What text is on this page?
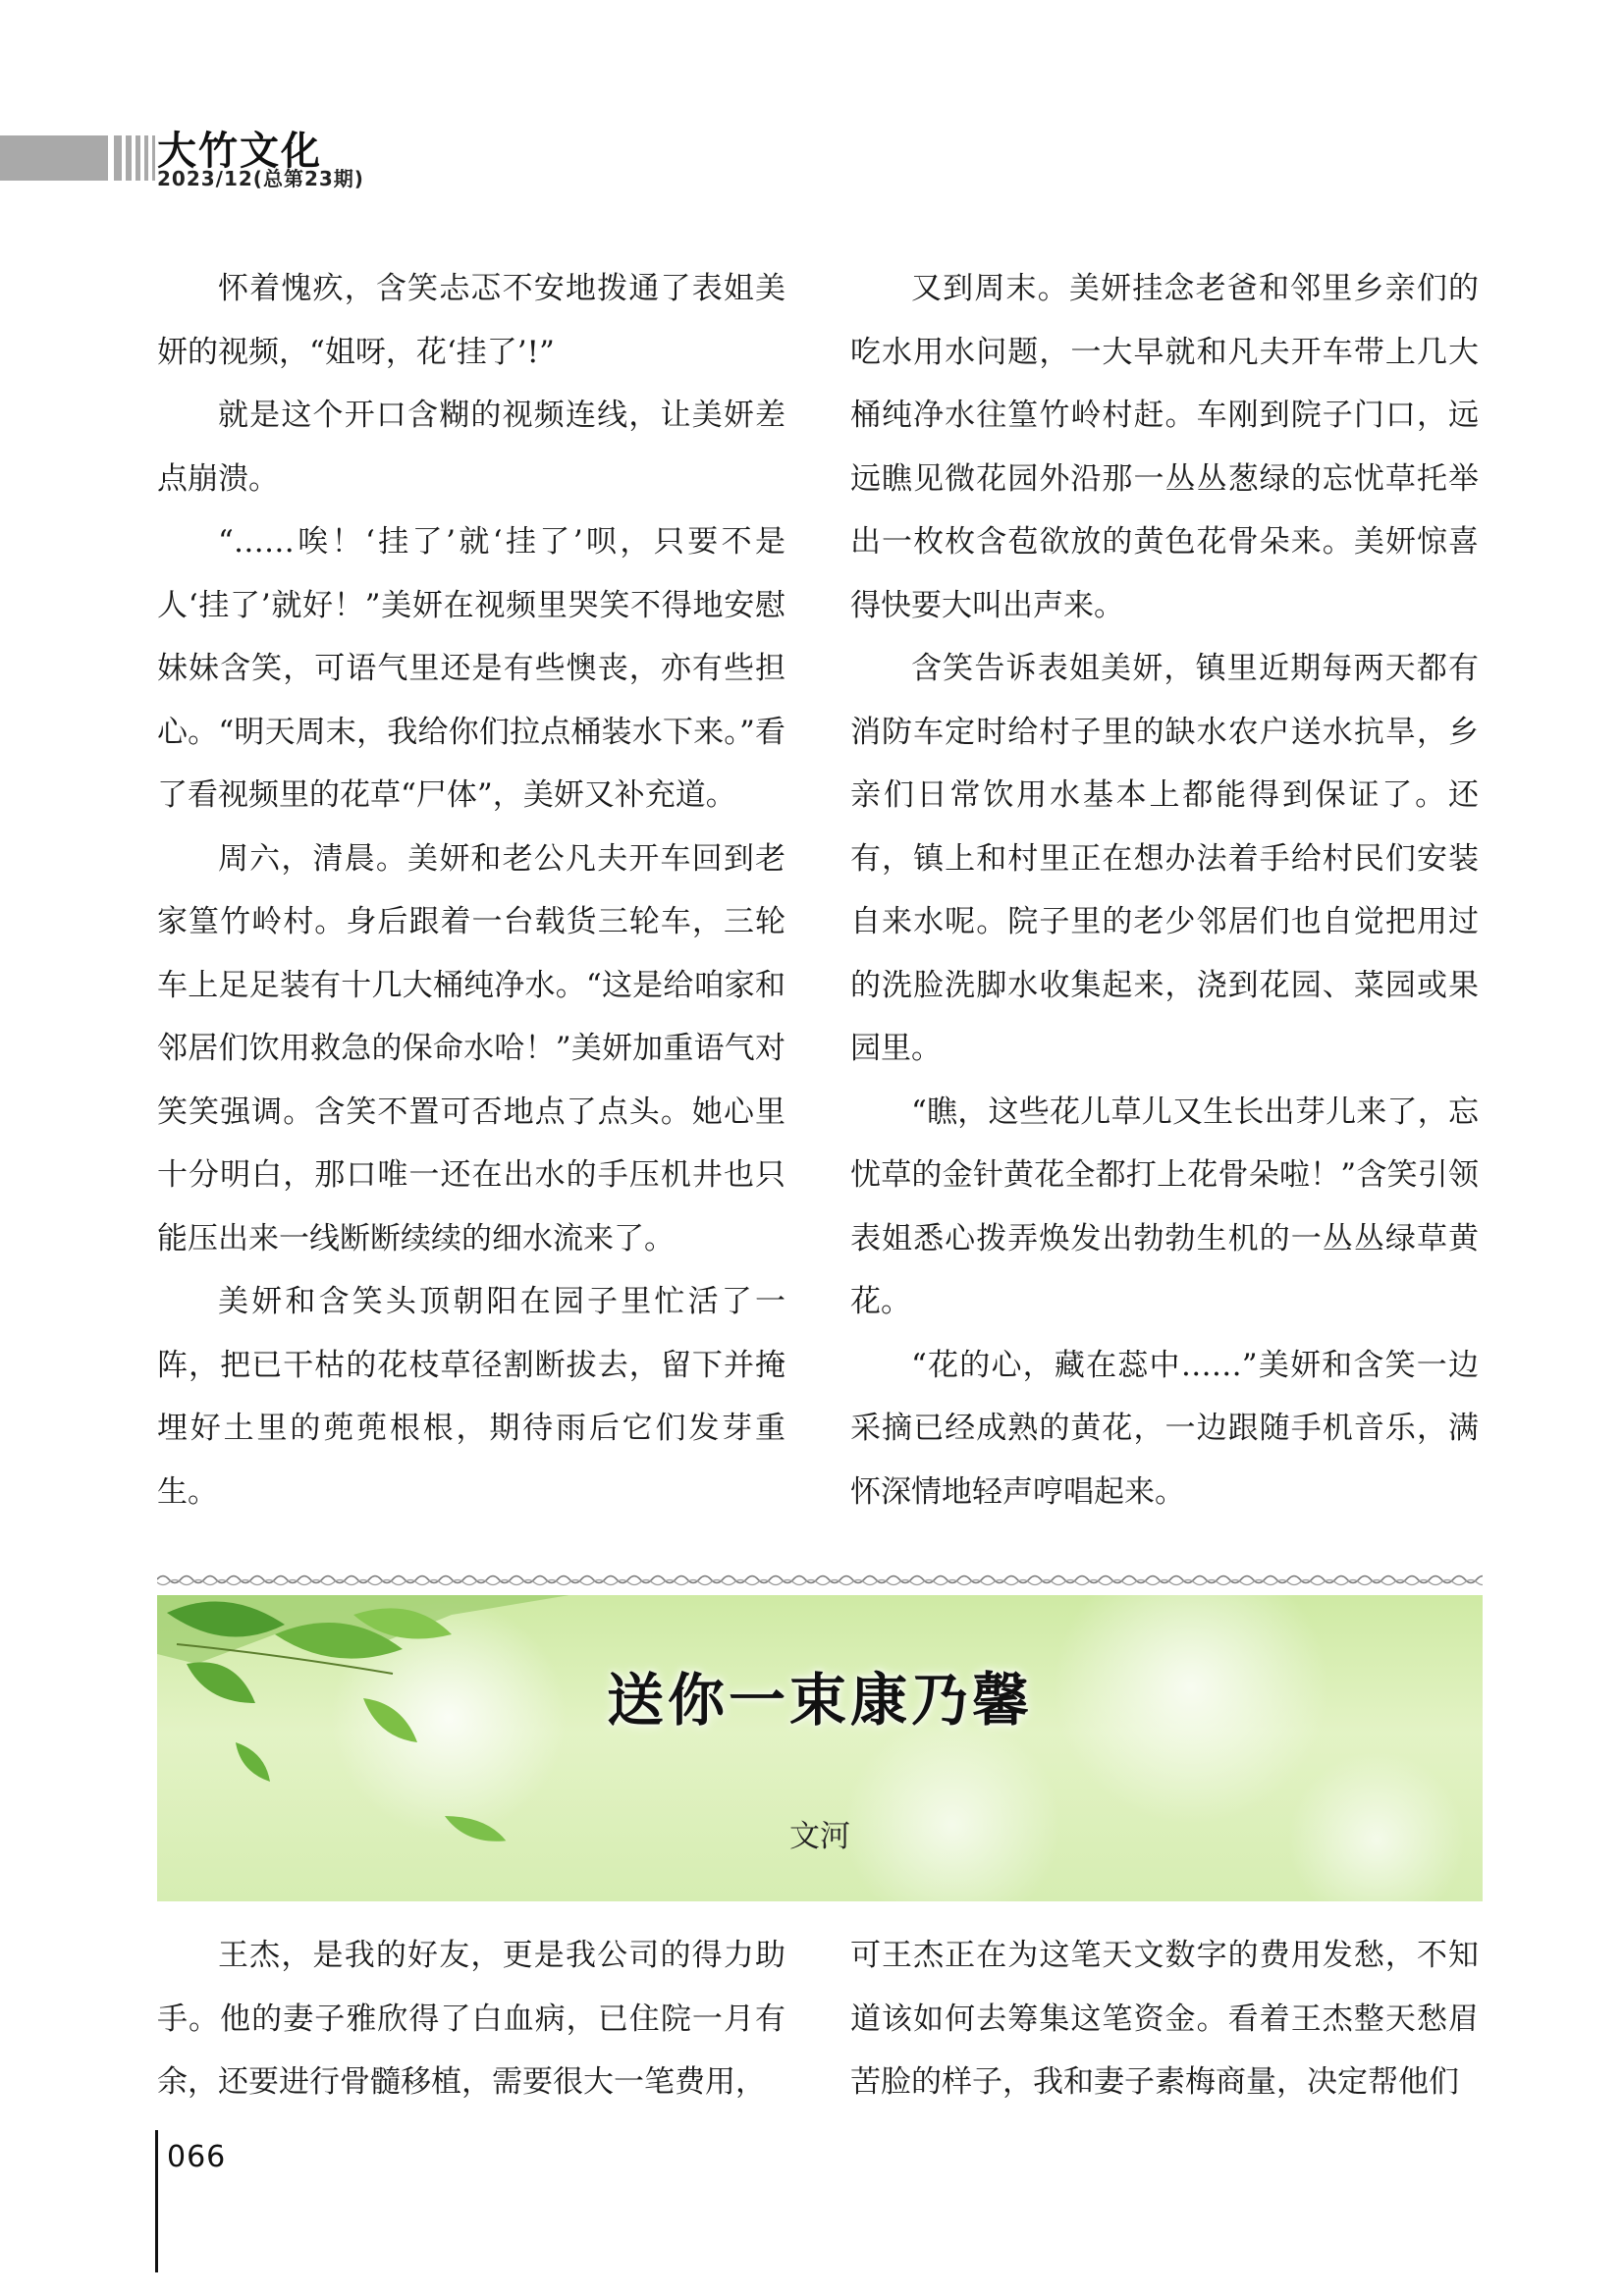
大竹文化
2023/12(总第23期)

怀着愧疚，含笑忐忑不安地拨通了表姐美妍的视频，“姐呀，花‘挂了’!”

就是这个开口含糊的视频连线，让美妍差点崩溃。

“……唉！‘挂了’就‘挂了’呗，只要不是人‘挂了’就好！”美妍在视频里哭笑不得地安慰妹妹含笑，可语气里还是有些懊丧，亦有些担心。“明天周末，我给你们拉点桶装水下来。”看了看视频里的花草“尸体”，美妍又补充道。

周六，清晨。美妍和老公凡夫开车回到老家篁竹岭村。身后跟着一台载货三轮车，三轮车上足足装有十几大桶纯净水。“这是给咱家和邻居们饮用救急的保命水哈！”美妍加重语气对笑笑强调。含笑不置可否地点了点头。她心里十分明白，那口唯一还在出水的手压机井也只能压出来一线断断续续的细水流来了。

美妍和含笑头顶朝阳在园子里忙活了一阵，把已干枯的花枝草径割断拔去，留下并掩埋好土里的蔸蔸根根，期待雨后它们发芽重生。

又到周末。美妍挂念老爸和邻里乡亲们的吃水用水问题，一大早就和凡夫开车带上几大桶纯净水往篁竹岭村赶。车刚到院子门口，远远瞧见微花园外沿那一丛丛葱绿的忘忧草托举出一枚枚含苞欲放的黄色花骨朵来。美妍惊喜得快要大叫出声来。

含笑告诉表姐美妍，镇里近期每两天都有消防车定时给村子里的缺水农户送水抗旱，乡亲们日常饮用水基本上都能得到保证了。还有，镇上和村里正在想办法着手给村民们安装自来水呢。院子里的老少邻居们也自觉把用过的洗脸洗脚水收集起来，浇到花园、菜园或果园里。

“瞧，这些花儿草儿又生长出芽儿来了，忘忧草的金针黄花全都打上花骨朵啦！”含笑引领表姐悉心拨弄焕发出勃勃生机的一丛丛绿草黄花。

“花的心，藏在蕊中……”美妍和含笑一边采摘已经成熟的黄花，一边跟随手机音乐，满怀深情地轻声哼唱起来。

送你一束康乃馨
文河

王杰，是我的好友，更是我公司的得力助手。他的妻子雅欣得了白血病，已住院一月有余，还要进行骨髓移植，需要很大一笔费用，

可王杰正在为这笔天文数字的费用发愁，不知道该如何去筹集这笔资金。看着王杰整天愁眉苦脸的样子，我和妻子素梅商量，决定帮他们

066
